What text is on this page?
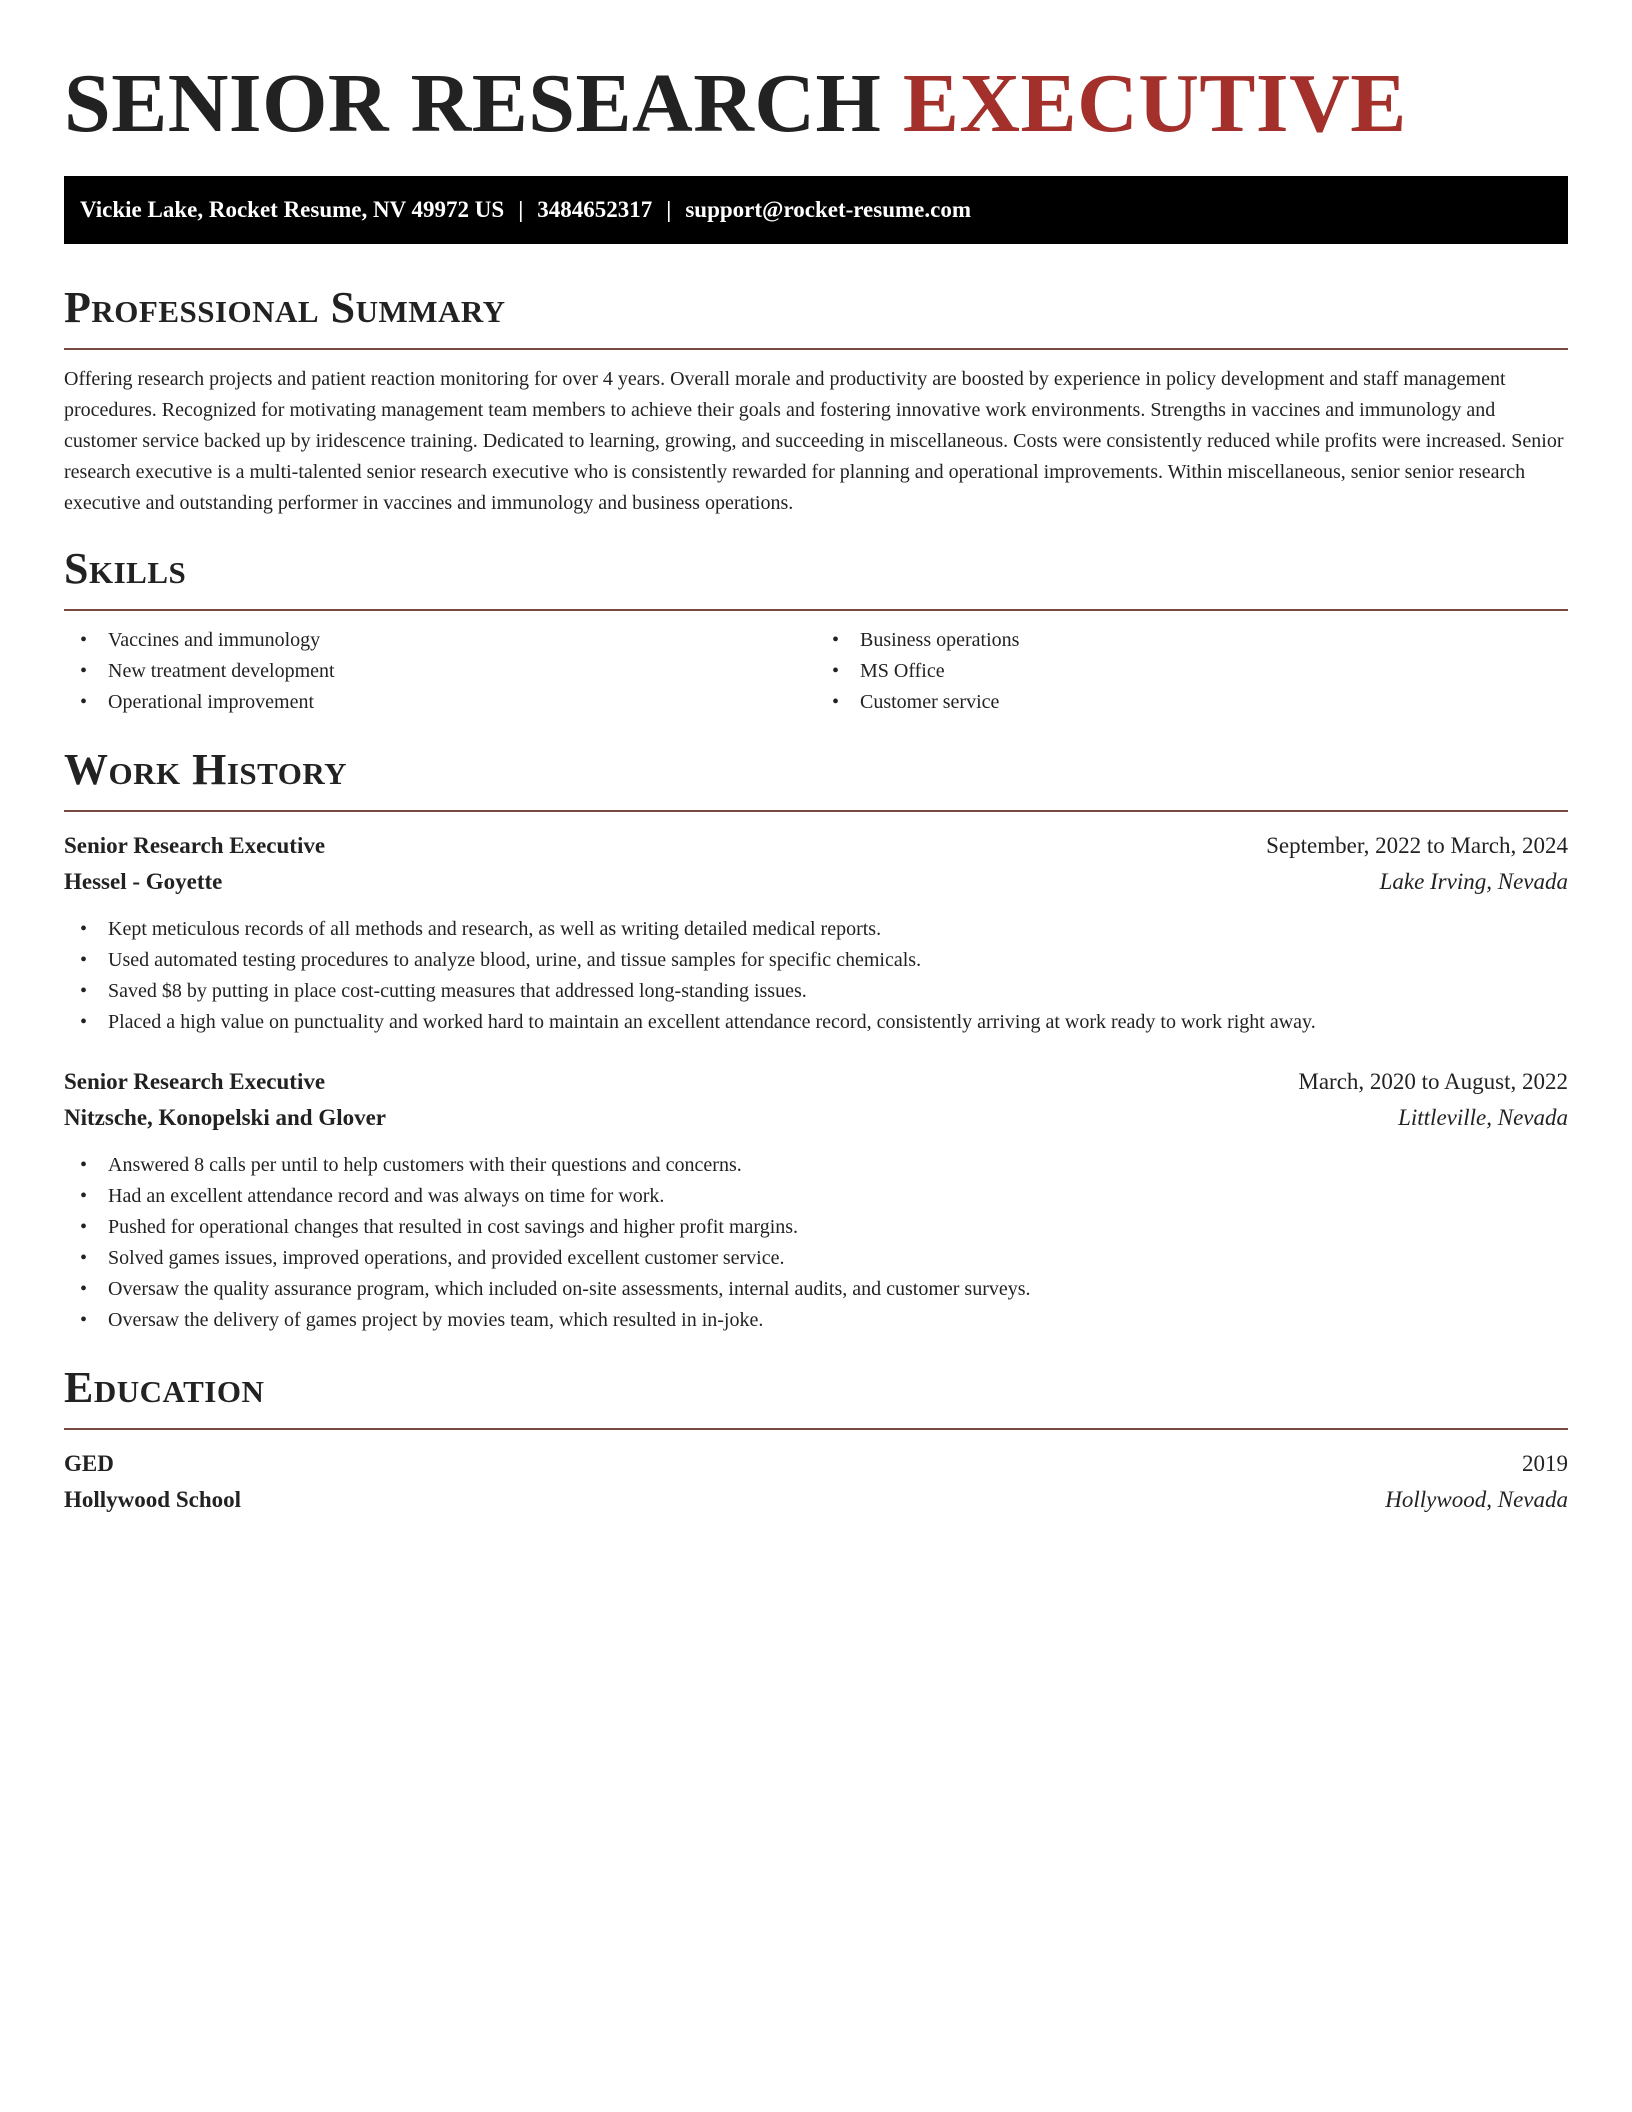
SENIOR RESEARCH EXECUTIVE
Vickie Lake, Rocket Resume, NV 49972 US | 3484652317 | support@rocket-resume.com
Professional Summary

Offering research projects and patient reaction monitoring for over 4 years. Overall morale and productivity are boosted by experience in policy development and staff management procedures. Recognized for motivating management team members to achieve their goals and fostering innovative work environments. Strengths in vaccines and immunology and customer service backed up by iridescence training. Dedicated to learning, growing, and succeeding in miscellaneous. Costs were consistently reduced while profits were increased. Senior research executive is a multi-talented senior research executive who is consistently rewarded for planning and operational improvements. Within miscellaneous, senior senior research executive and outstanding performer in vaccines and immunology and business operations.

Skills
• Vaccines and immunology
• New treatment development
• Operational improvement
• Business operations
• MS Office
• Customer service
Work History
Senior Research Executive	September, 2022 to March, 2024
Hessel - Goyette	Lake Irving, Nevada
• Kept meticulous records of all methods and research, as well as writing detailed medical reports.
• Used automated testing procedures to analyze blood, urine, and tissue samples for specific chemicals.
• Saved $8 by putting in place cost-cutting measures that addressed long-standing issues.
• Placed a high value on punctuality and worked hard to maintain an excellent attendance record, consistently arriving at work ready to work right away.
Senior Research Executive	March, 2020 to August, 2022
Nitzsche, Konopelski and Glover	Littleville, Nevada
• Answered 8 calls per until to help customers with their questions and concerns.
• Had an excellent attendance record and was always on time for work.
• Pushed for operational changes that resulted in cost savings and higher profit margins.
• Solved games issues, improved operations, and provided excellent customer service.
• Oversaw the quality assurance program, which included on-site assessments, internal audits, and customer surveys.
• Oversaw the delivery of games project by movies team, which resulted in in-joke.
Education
GED	2019
Hollywood School	Hollywood, Nevada
